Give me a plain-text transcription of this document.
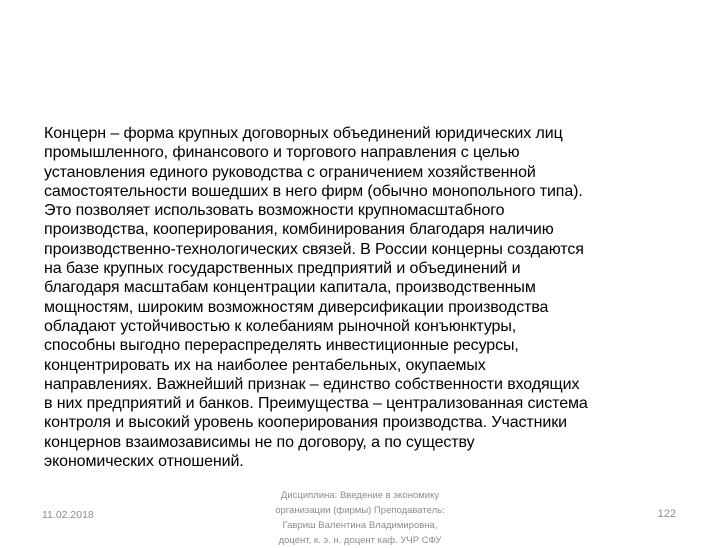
Концерн – форма крупных договорных объединений юридических лиц
промышленного, финансового и торгового направления с целью
установления единого руководства с ограничением хозяйственной
самостоятельности вошедших в него фирм (обычно монопольного типа).
Это позволяет использовать возможности крупномасштабного
производства, кооперирования, комбинирования благодаря наличию
производственно-технологических связей. В России концерны создаются
на базе крупных государственных предприятий и объединений и
благодаря масштабам концентрации капитала, производственным
мощностям, широким возможностям диверсификации производства
обладают устойчивостью к колебаниям рыночной конъюнктуры,
способны выгодно перераспределять инвестиционные ресурсы,
концентрировать их на наиболее рентабельных, окупаемых
направлениях. Важнейший признак – единство собственности входящих
в них предприятий и банков. Преимущества – централизованная система
контроля и высокий уровень кооперирования производства. Участники
концернов взаимозависимы не по договору, а по существу
экономических отношений.
11.02.2018
Дисциплина: Введение в экономику
организации (фирмы) Преподаватель:
Гавриш Валентина Владимировна,
доцент, к. э. н. доцент каф. УЧР СФУ
122
